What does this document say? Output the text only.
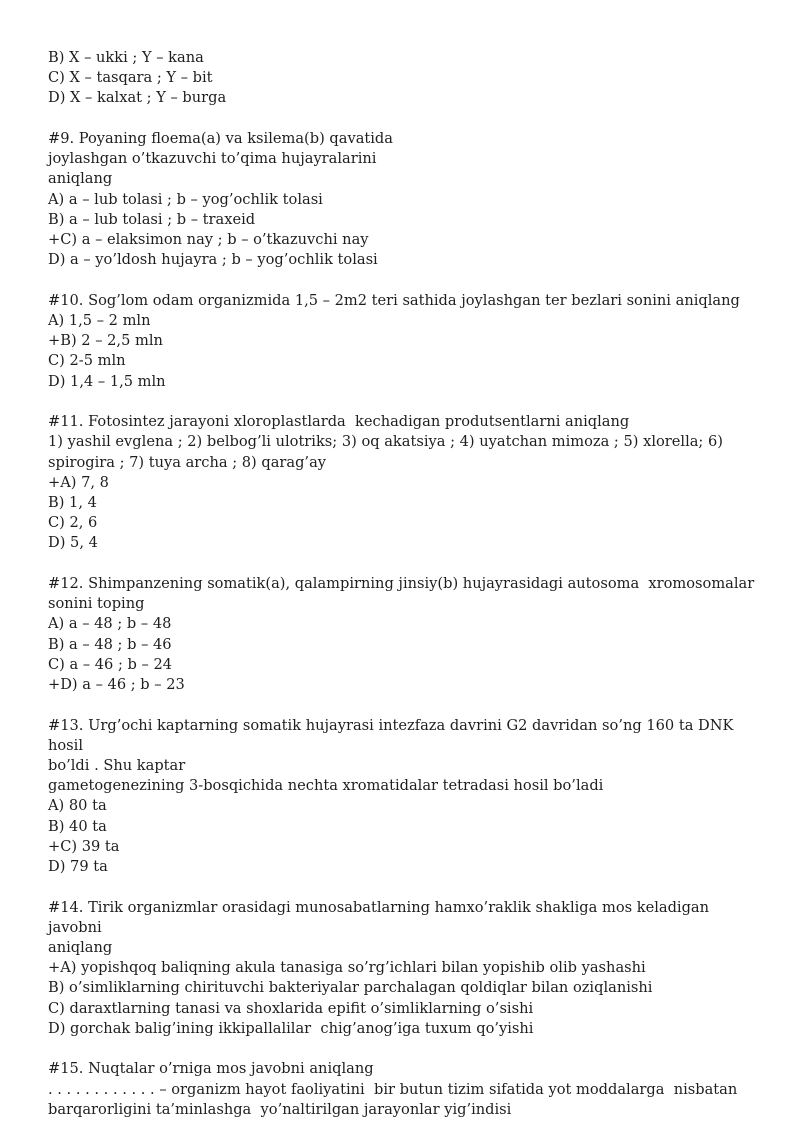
B) X – ukki ; Y – kana

C) X – tasqara ; Y – bit

D) X – kalxat ; Y – burga

#9. Poyaning floema(a) va ksilema(b) qavatida

joylashgan o’tkazuvchi to’qima hujayralarini

aniqlang

A) a – lub tolasi ; b – yog’ochlik tolasi

B) a – lub tolasi ; b – traxeid

+C) a – elaksimon nay ; b – o’tkazuvchi nay

D) a – yo’ldosh hujayra ; b – yog’ochlik tolasi

#10. Sog’lom odam organizmida 1,5 – 2m2 teri sathida joylashgan ter bezlari sonini aniqlang

A) 1,5 – 2 mln

+B) 2 – 2,5 mln

C) 2-5 mln

D) 1,4 – 1,5 mln

#11. Fotosintez jarayoni xloroplastlarda  kechadigan produtsentlarni aniqlang

1) yashil evglena ; 2) belbog’li ulotriks; 3) oq akatsiya ; 4) uyatchan mimoza ; 5) xlorella; 6)

spirogira ; 7) tuya archa ; 8) qarag’ay

+A) 7, 8

B) 1, 4

C) 2, 6

D) 5, 4

#12. Shimpanzening somatik(a), qalampirning jinsiy(b) hujayrasidagi autosoma  xromosomalar

sonini toping

A) a – 48 ; b – 48

B) a – 48 ; b – 46

C) a – 46 ; b – 24

+D) a – 46 ; b – 23

#13. Urg’ochi kaptarning somatik hujayrasi intezfaza davrini G2 davridan so’ng 160 ta DNK hosil

bo’ldi . Shu kaptar

gametogenezining 3-bosqichida nechta xromatidalar tetradasi hosil bo’ladi

A) 80 ta

B) 40 ta

+C) 39 ta

D) 79 ta

#14. Tirik organizmlar orasidagi munosabatlarning hamxo’raklik shakliga mos keladigan javobni

aniqlang

+A) yopishqoq baliqning akula tanasiga so’rg’ichlari bilan yopishib olib yashashi

B) o’simliklarning chirituvchi bakteriyalar parchalagan qoldiqlar bilan oziqlanishi

C) daraxtlarning tanasi va shoxlarida epifit o’simliklarning o’sishi

D) gorchak balig’ining ikkipallalilar  chig’anog’iga tuxum qo’yishi

#15. Nuqtalar o’rniga mos javobni aniqlang

. . . . . . . . . . . . – organizm hayot faoliyatini  bir butun tizim sifatida yot moddalarga  nisbatan

barqarorligini ta’minlashga  yo’naltirilgan jarayonlar yig’indisi
